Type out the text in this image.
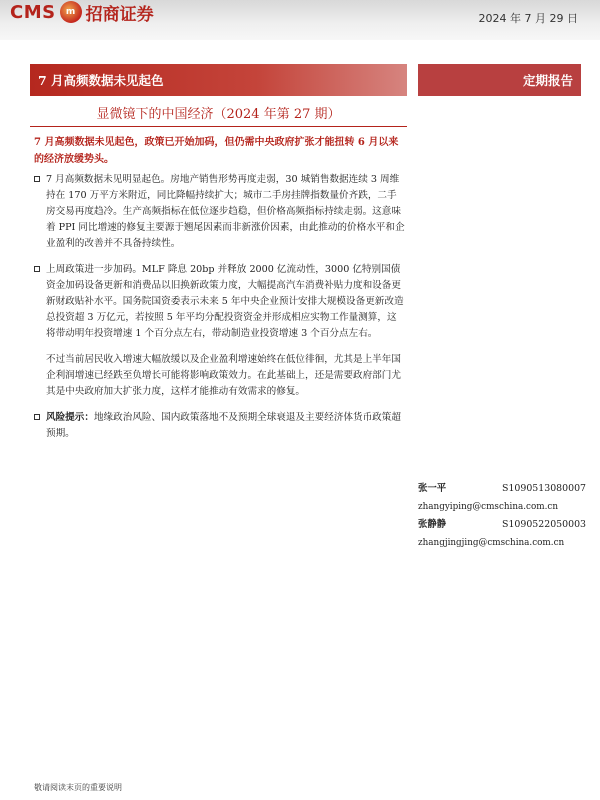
CMS	m 招商证券	2024 年 7 月 29 日
7 月高频数据未见起色	定期报告
显微镜下的中国经济（2024 年第 27 期）
7 月高频数据未见起色，政策已开始加码，但仍需中央政府扩张才能扭转 6 月以来的经济放缓势头。
7 月高频数据未见明显起色。房地产销售形势再度走弱，30 城销售数据连续 3 周维持在 170 万平方米附近，同比降幅持续扩大；城市二手房挂牌指数量价齐跌，二手房交易再度趋冷。生产高频指标在低位逐步趋稳，但价格高频指标持续走弱。这意味着 PPI 同比增速的修复主要源于翘尾因素而非新涨价因素，由此推动的价格水平和企业盈利的改善并不具备持续性。
上周政策进一步加码。MLF 降息 20bp 并释放 2000 亿流动性，3000 亿特别国债资金加码设备更新和消费品以旧换新政策力度，大幅提高汽车消费补贴力度和设备更新财政贴补水平。国务院国资委表示未来 5 年中央企业预计安排大规模设备更新改造总投资超 3 万亿元，若按照 5 年平均分配投资资金并形成相应实物工作量测算，这将带动明年投资增速 1 个百分点左右，带动制造业投资增速 3 个百分点左右。
不过当前居民收入增速大幅放缓以及企业盈利增速始终在低位徘徊，尤其是上半年国企利润增速已经跌至负增长可能将影响政策效力。在此基础上，还是需要政府部门尤其是中央政府加大扩张力度，这样才能推动有效需求的修复。
风险提示：地缘政治风险、国内政策落地不及预期全球衰退及主要经济体货币政策超预期。
张一平	S1090513080007
zhangyiping@cmschina.com.cn
张静静	S1090522050003
zhangjingjing@cmschina.com.cn
敬请阅读末页的重要说明
